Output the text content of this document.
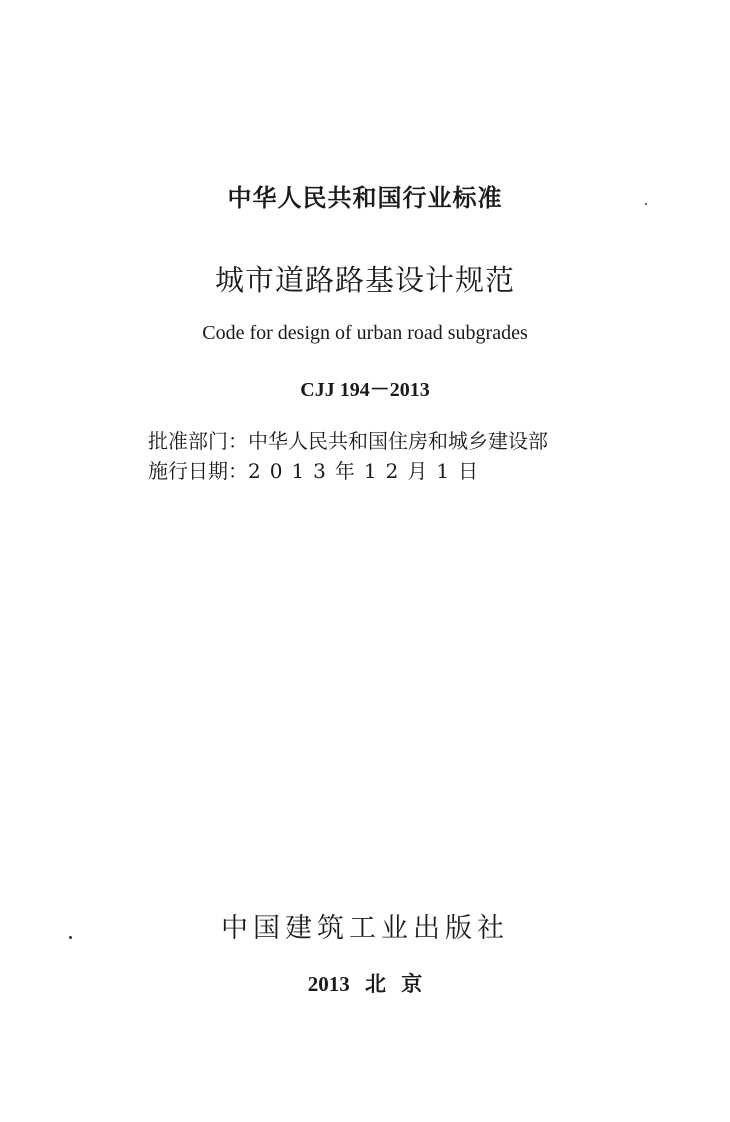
中华人民共和国行业标准
城市道路路基设计规范
Code for design of urban road subgrades
CJJ 194－2013
批准部门：中华人民共和国住房和城乡建设部
施行日期：2013年12月1日
中国建筑工业出版社
2013 北 京
